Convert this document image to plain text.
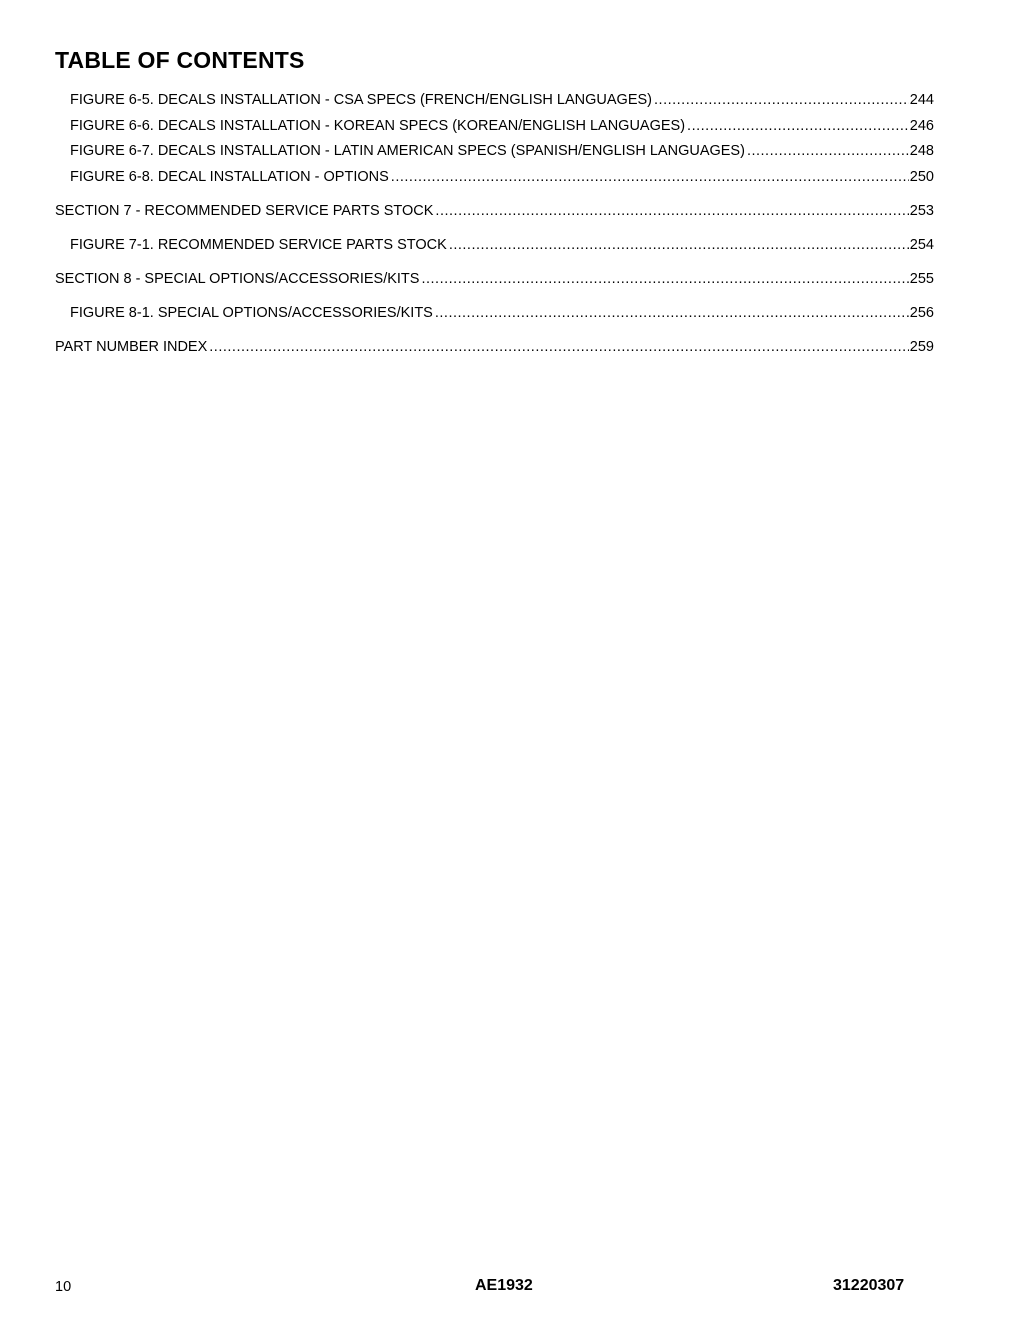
TABLE OF CONTENTS
FIGURE 6-5. DECALS INSTALLATION - CSA SPECS (FRENCH/ENGLISH LANGUAGES) .....	244
FIGURE 6-6. DECALS INSTALLATION - KOREAN SPECS (KOREAN/ENGLISH LANGUAGES) .....	246
FIGURE 6-7. DECALS INSTALLATION - LATIN AMERICAN SPECS (SPANISH/ENGLISH LANGUAGES) .....	248
FIGURE 6-8. DECAL INSTALLATION - OPTIONS .....	250
SECTION 7 - RECOMMENDED SERVICE PARTS STOCK .....	253
FIGURE 7-1. RECOMMENDED SERVICE PARTS STOCK .....	254
SECTION 8 - SPECIAL OPTIONS/ACCESSORIES/KITS .....	255
FIGURE 8-1. SPECIAL OPTIONS/ACCESSORIES/KITS .....	256
PART NUMBER INDEX .....	259
10	AE1932	31220307
